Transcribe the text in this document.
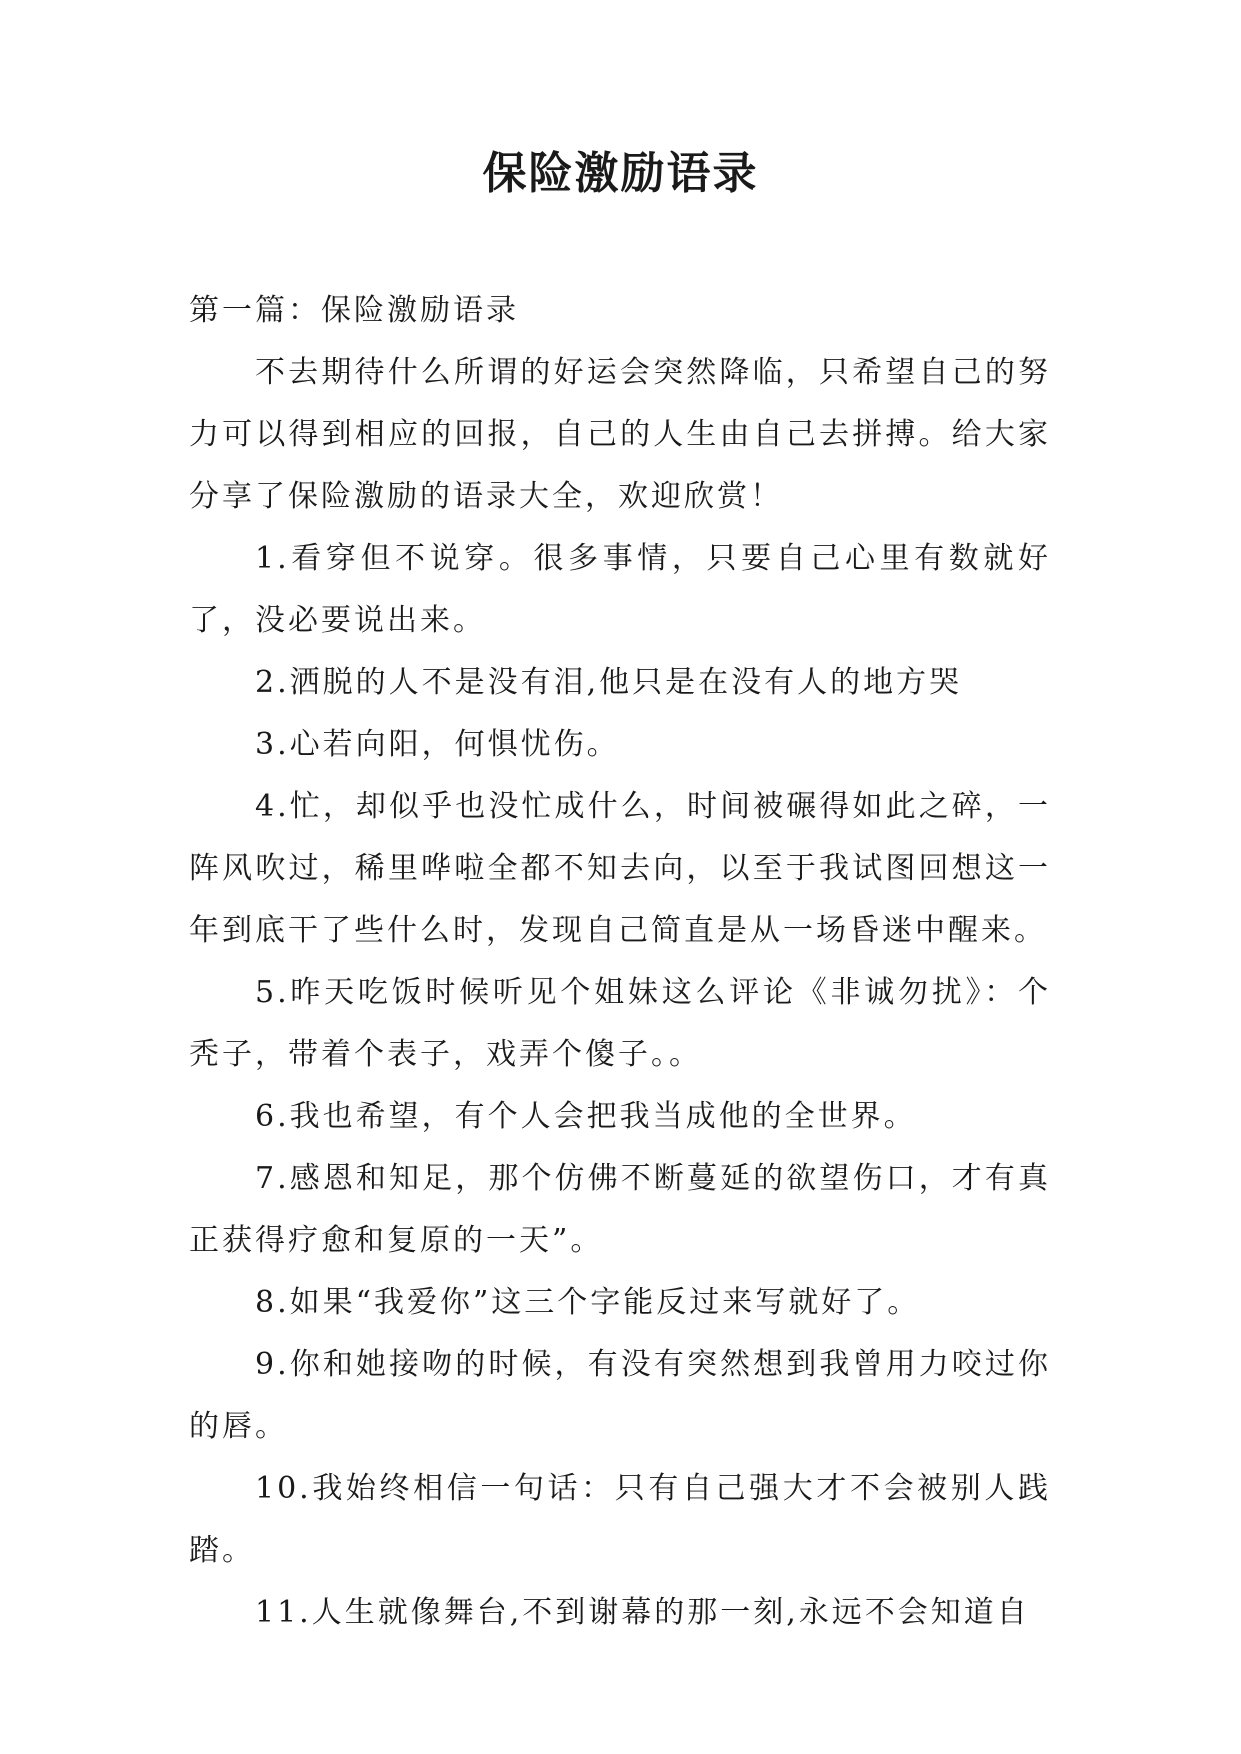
保险激励语录

第一篇：保险激励语录

不去期待什么所谓的好运会突然降临，只希望自己的努力可以得到相应的回报，自己的人生由自己去拼搏。给大家分享了保险激励的语录大全，欢迎欣赏！

1.看穿但不说穿。很多事情，只要自己心里有数就好了，没必要说出来。

2.洒脱的人不是没有泪,他只是在没有人的地方哭

3.心若向阳，何惧忧伤。

4.忙，却似乎也没忙成什么，时间被碾得如此之碎，一阵风吹过，稀里哗啦全都不知去向，以至于我试图回想这一年到底干了些什么时，发现自己简直是从一场昏迷中醒来。

5.昨天吃饭时候听见个姐妹这么评论《非诚勿扰》：个秃子，带着个表子，戏弄个傻子。。

6.我也希望，有个人会把我当成他的全世界。

7.感恩和知足，那个仿佛不断蔓延的欲望伤口，才有真正获得疗愈和复原的一天”。

8.如果“我爱你”这三个字能反过来写就好了。

9.你和她接吻的时候，有没有突然想到我曾用力咬过你的唇。

10.我始终相信一句话：只有自己强大才不会被别人践踏。

11.人生就像舞台,不到谢幕的那一刻,永远不会知道自
